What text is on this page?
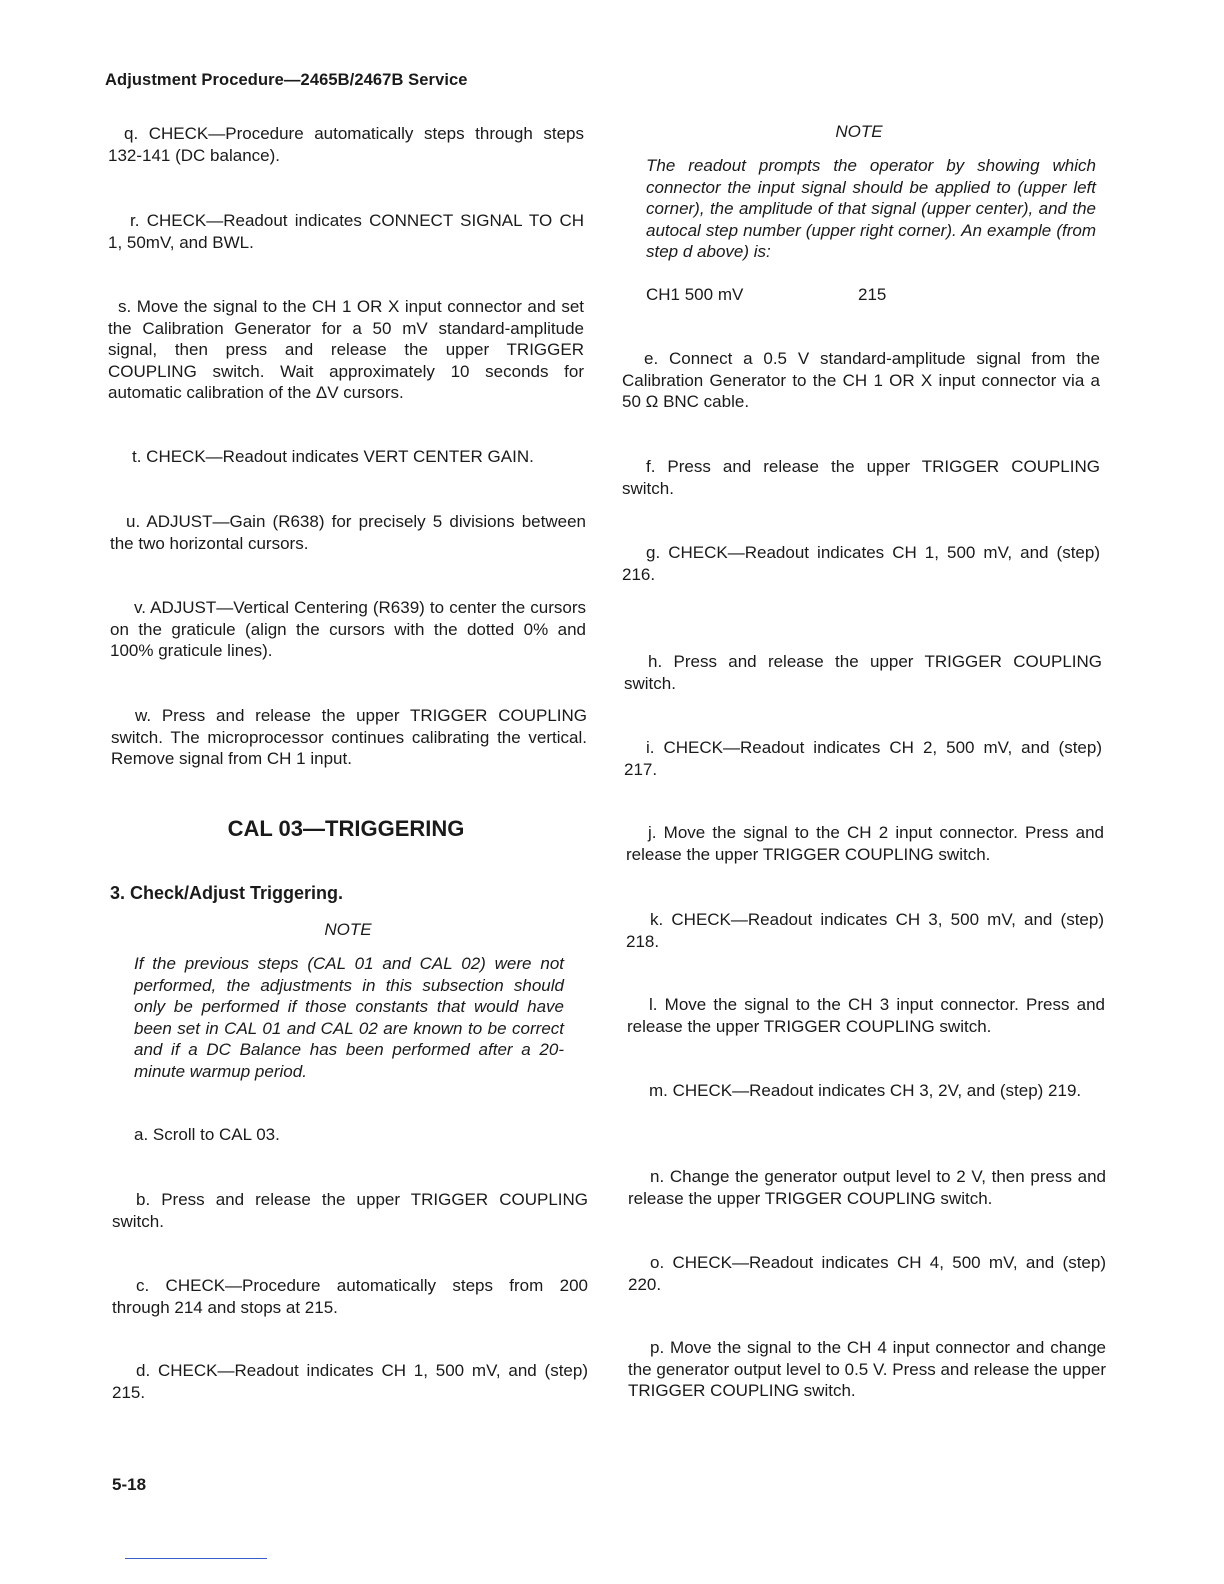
Adjustment Procedure—2465B/2467B Service

q. CHECK—Procedure automatically steps through steps 132-141 (DC balance).

r. CHECK—Readout indicates CONNECT SIGNAL TO CH 1, 50mV, and BWL.

s. Move the signal to the CH 1 OR X input connector and set the Calibration Generator for a 50 mV standard-amplitude signal, then press and release the upper TRIGGER COUPLING switch. Wait approximately 10 seconds for automatic calibration of the ΔV cursors.

t. CHECK—Readout indicates VERT CENTER GAIN.

u. ADJUST—Gain (R638) for precisely 5 divisions between the two horizontal cursors.

v. ADJUST—Vertical Centering (R639) to center the cursors on the graticule (align the cursors with the dotted 0% and 100% graticule lines).

w. Press and release the upper TRIGGER COUPLING switch. The microprocessor continues calibrating the vertical. Remove signal from CH 1 input.

CAL 03—TRIGGERING
3. Check/Adjust Triggering.
NOTE

If the previous steps (CAL 01 and CAL 02) were not performed, the adjustments in this subsection should only be performed if those constants that would have been set in CAL 01 and CAL 02 are known to be correct and if a DC Balance has been performed after a 20-minute warmup period.

a. Scroll to CAL 03.

b. Press and release the upper TRIGGER COUPLING switch.

c. CHECK—Procedure automatically steps from 200 through 214 and stops at 215.

d. CHECK—Readout indicates CH 1, 500 mV, and (step) 215.

NOTE

The readout prompts the operator by showing which connector the input signal should be applied to (upper left corner), the amplitude of that signal (upper center), and the autocal step number (upper right corner). An example (from step d above) is:

CH1 500 mV	215

e. Connect a 0.5 V standard-amplitude signal from the Calibration Generator to the CH 1 OR X input connector via a 50 Ω BNC cable.

f. Press and release the upper TRIGGER COUPLING switch.

g. CHECK—Readout indicates CH 1, 500 mV, and (step) 216.

h. Press and release the upper TRIGGER COUPLING switch.

i. CHECK—Readout indicates CH 2, 500 mV, and (step) 217.

j. Move the signal to the CH 2 input connector. Press and release the upper TRIGGER COUPLING switch.

k. CHECK—Readout indicates CH 3, 500 mV, and (step) 218.

l. Move the signal to the CH 3 input connector. Press and release the upper TRIGGER COUPLING switch.

m. CHECK—Readout indicates CH 3, 2V, and (step) 219.

n. Change the generator output level to 2 V, then press and release the upper TRIGGER COUPLING switch.

o. CHECK—Readout indicates CH 4, 500 mV, and (step) 220.

p. Move the signal to the CH 4 input connector and change the generator output level to 0.5 V. Press and release the upper TRIGGER COUPLING switch.

5-18
